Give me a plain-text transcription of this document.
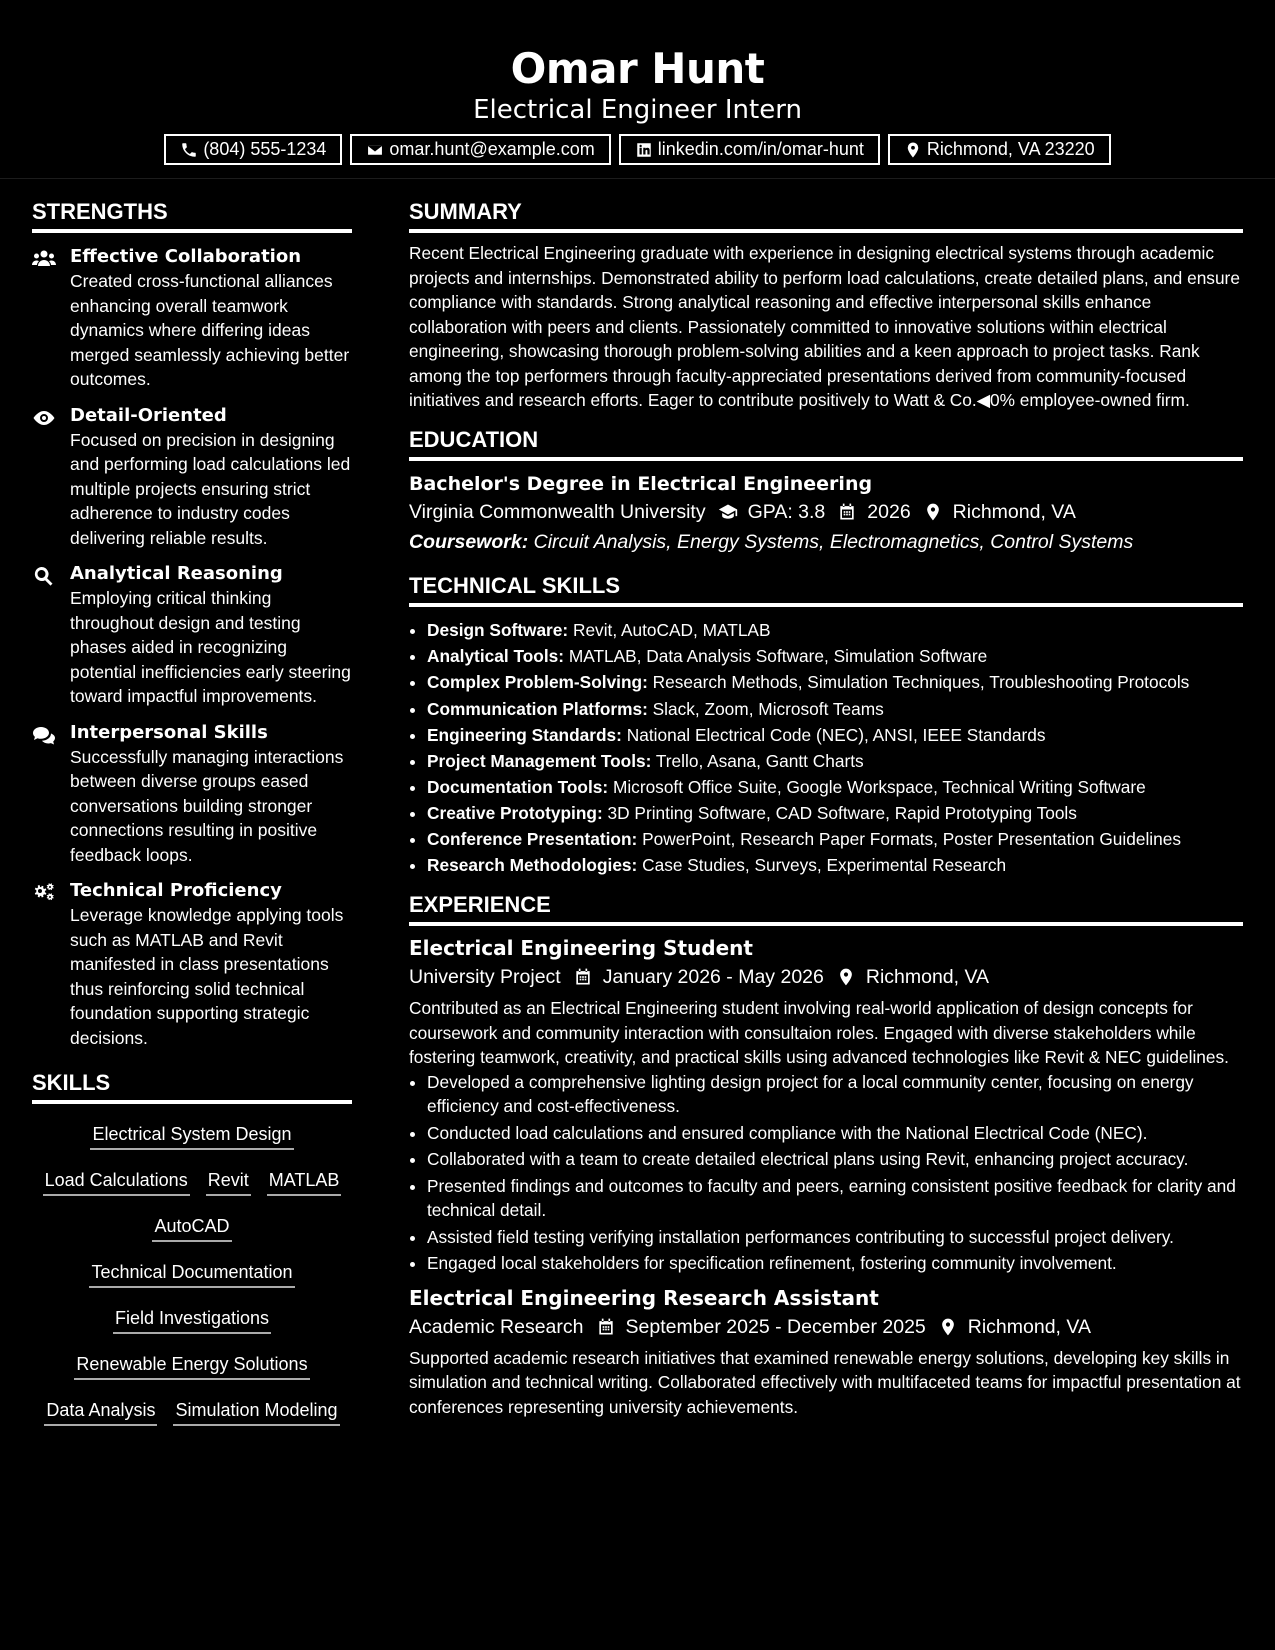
Omar Hunt
Electrical Engineer Intern
(804) 555-1234	omar.hunt@example.com	linkedin.com/in/omar-hunt	Richmond, VA 23220
STRENGTHS
Effective Collaboration
Created cross-functional alliances enhancing overall teamwork dynamics where differing ideas merged seamlessly achieving better outcomes.
Detail-Oriented
Focused on precision in designing and performing load calculations led multiple projects ensuring strict adherence to industry codes delivering reliable results.
Analytical Reasoning
Employing critical thinking throughout design and testing phases aided in recognizing potential inefficiencies early steering toward impactful improvements.
Interpersonal Skills
Successfully managing interactions between diverse groups eased conversations building stronger connections resulting in positive feedback loops.
Technical Proficiency
Leverage knowledge applying tools such as MATLAB and Revit manifested in class presentations thus reinforcing solid technical foundation supporting strategic decisions.
SKILLS
Electrical System Design
Load Calculations Revit MATLAB
AutoCAD
Technical Documentation
Field Investigations
Renewable Energy Solutions
Data Analysis Simulation Modeling
SUMMARY
Recent Electrical Engineering graduate with experience in designing electrical systems through academic projects and internships. Demonstrated ability to perform load calculations, create detailed plans, and ensure compliance with standards. Strong analytical reasoning and effective interpersonal skills enhance collaboration with peers and clients. Passionately committed to innovative solutions within electrical engineering, showcasing thorough problem-solving abilities and a keen approach to project tasks. Rank among the top performers through faculty-appreciated presentations derived from community-focused initiatives and research efforts. Eager to contribute positively to Watt & Co.◀0% employee-owned firm.
EDUCATION
Bachelor's Degree in Electrical Engineering
Virginia Commonwealth University GPA: 3.8 2026 Richmond, VA
Coursework: Circuit Analysis, Energy Systems, Electromagnetics, Control Systems
TECHNICAL SKILLS
• Design Software: Revit, AutoCAD, MATLAB
• Analytical Tools: MATLAB, Data Analysis Software, Simulation Software
• Complex Problem-Solving: Research Methods, Simulation Techniques, Troubleshooting Protocols
• Communication Platforms: Slack, Zoom, Microsoft Teams
• Engineering Standards: National Electrical Code (NEC), ANSI, IEEE Standards
• Project Management Tools: Trello, Asana, Gantt Charts
• Documentation Tools: Microsoft Office Suite, Google Workspace, Technical Writing Software
• Creative Prototyping: 3D Printing Software, CAD Software, Rapid Prototyping Tools
• Conference Presentation: PowerPoint, Research Paper Formats, Poster Presentation Guidelines
• Research Methodologies: Case Studies, Surveys, Experimental Research
EXPERIENCE
Electrical Engineering Student
University Project January 2026 - May 2026 Richmond, VA
Contributed as an Electrical Engineering student involving real-world application of design concepts for coursework and community interaction with consultaion roles. Engaged with diverse stakeholders while fostering teamwork, creativity, and practical skills using advanced technologies like Revit & NEC guidelines.
• Developed a comprehensive lighting design project for a local community center, focusing on energy efficiency and cost-effectiveness.
• Conducted load calculations and ensured compliance with the National Electrical Code (NEC).
• Collaborated with a team to create detailed electrical plans using Revit, enhancing project accuracy.
• Presented findings and outcomes to faculty and peers, earning consistent positive feedback for clarity and technical detail.
• Assisted field testing verifying installation performances contributing to successful project delivery.
• Engaged local stakeholders for specification refinement, fostering community involvement.
Electrical Engineering Research Assistant
Academic Research September 2025 - December 2025 Richmond, VA
Supported academic research initiatives that examined renewable energy solutions, developing key skills in simulation and technical writing. Collaborated effectively with multifaceted teams for impactful presentation at conferences representing university achievements.
